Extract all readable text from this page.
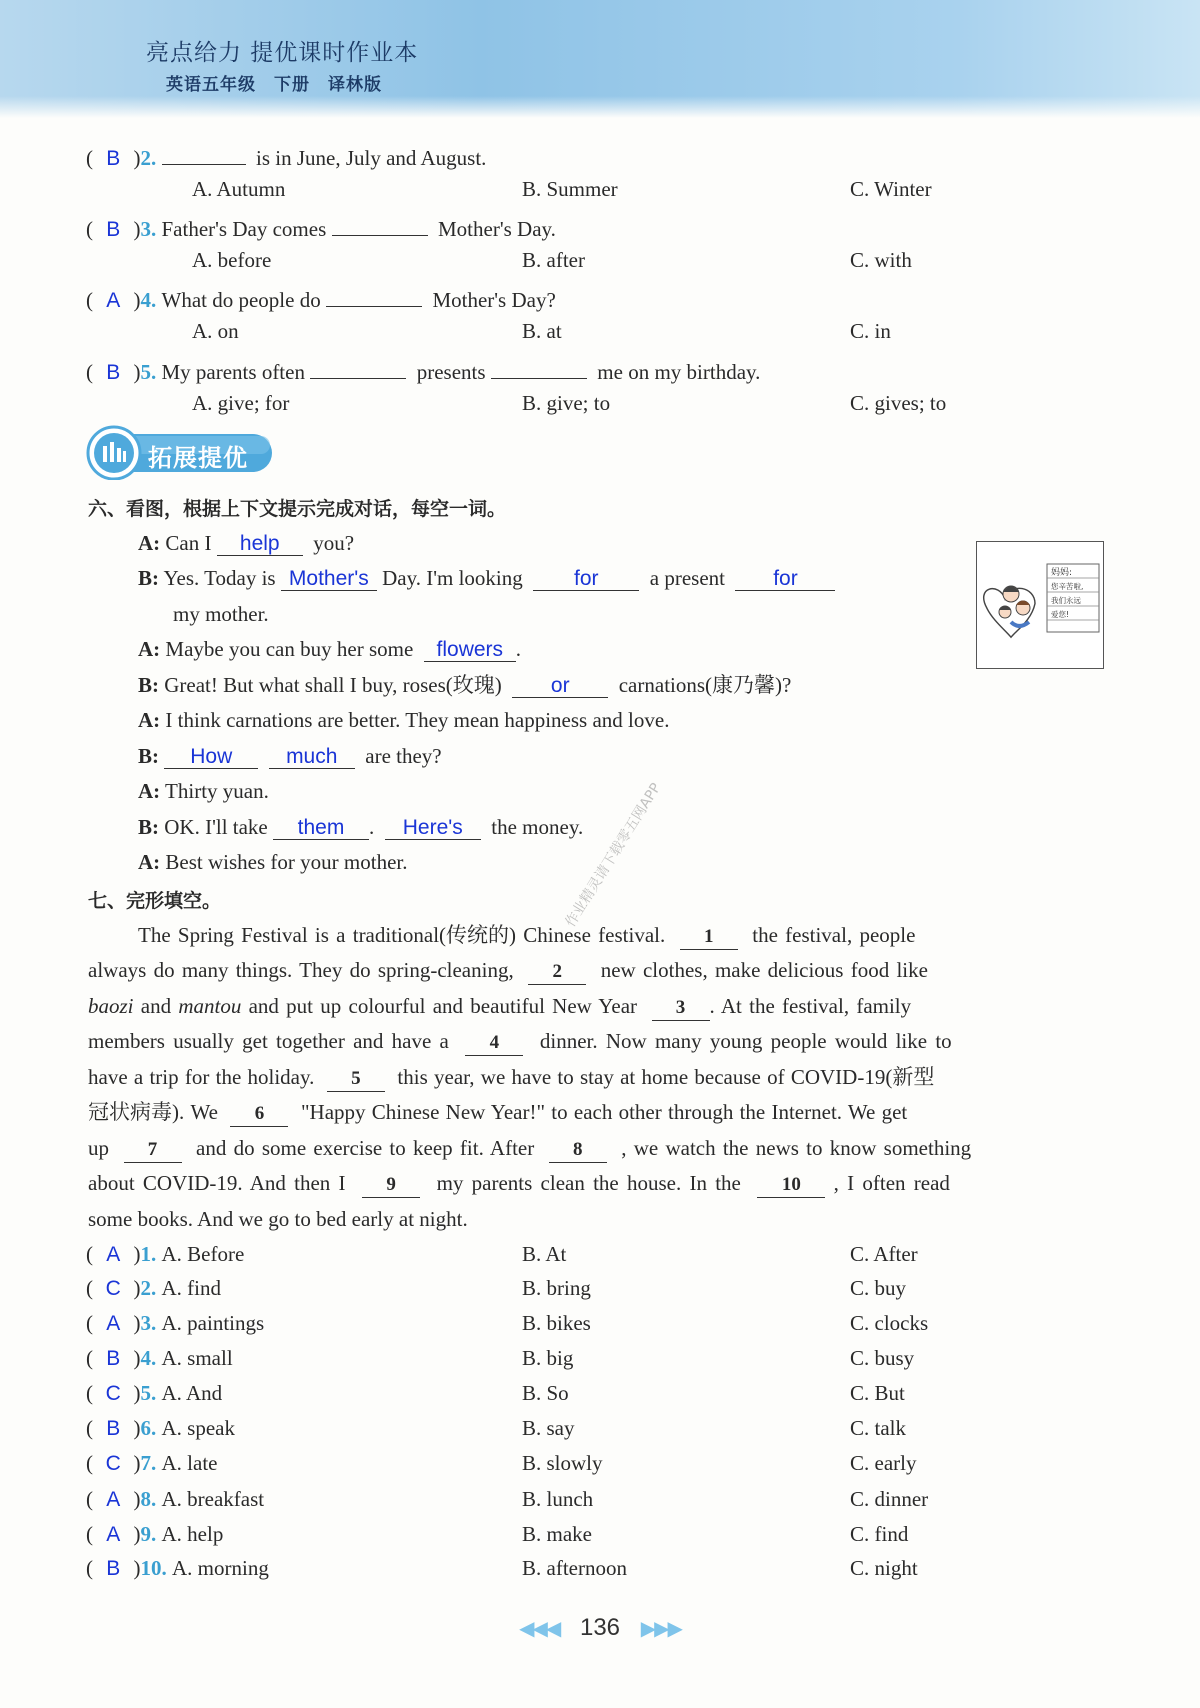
亮点给力 提优课时作业本
英语五年级　下册　译林版
( B )2.	is in June, July and August.
A. Autumn	B. Summer	C. Winter
( B )3. Father's Day comes	Mother's Day.
A. before	B. after	C. with
( A )4. What do people do	Mother's Day?
A. on	B. at	C. in
( B )5. My parents often	presents	me on my birthday.
A. give; for	B. give; to	C. gives; to
拓展提优
六、看图，根据上下文提示完成对话，每空一词。
A: Can I help you?
B: Yes. Today is Mother's Day. I'm looking for a present for
my mother.
A: Maybe you can buy her some flowers .
B: Great! But what shall I buy, roses(玫瑰) or carnations(康乃馨)?
A: I think carnations are better. They mean happiness and love.
B: How	much are they?
A: Thirty yuan.
B: OK. I'll take them . Here's the money.
A: Best wishes for your mother.
妈妈:
您辛苦啦,
我们永远
爱您!
七、完形填空。
The Spring Festival is a traditional(传统的) Chinese festival. 1 the festival, people
always do many things. They do spring-cleaning, 2 new clothes, make delicious food like
baozi and mantou and put up colourful and beautiful New Year 3 . At the festival, family
members usually get together and have a 4 dinner. Now many young people would like to
have a trip for the holiday. 5 this year, we have to stay at home because of COVID-19(新型
冠状病毒). We 6 "Happy Chinese New Year!" to each other through the Internet. We get
up 7 and do some exercise to keep fit. After 8 , we watch the news to know something
about COVID-19. And then I 9 my parents clean the house. In the 10 , I often read
some books. And we go to bed early at night.
( A )1. A. Before	B. At	C. After
( C )2. A. find	B. bring	C. buy
( A )3. A. paintings	B. bikes	C. clocks
( B )4. A. small	B. big	C. busy
( C )5. A. And	B. So	C. But
( B )6. A. speak	B. say	C. talk
( C )7. A. late	B. slowly	C. early
( A )8. A. breakfast	B. lunch	C. dinner
( A )9. A. help	B. make	C. find
( B )10. A. morning	B. afternoon	C. night
作业精灵请下载零五网APP
◀◀◀ 136 ▶▶▶
